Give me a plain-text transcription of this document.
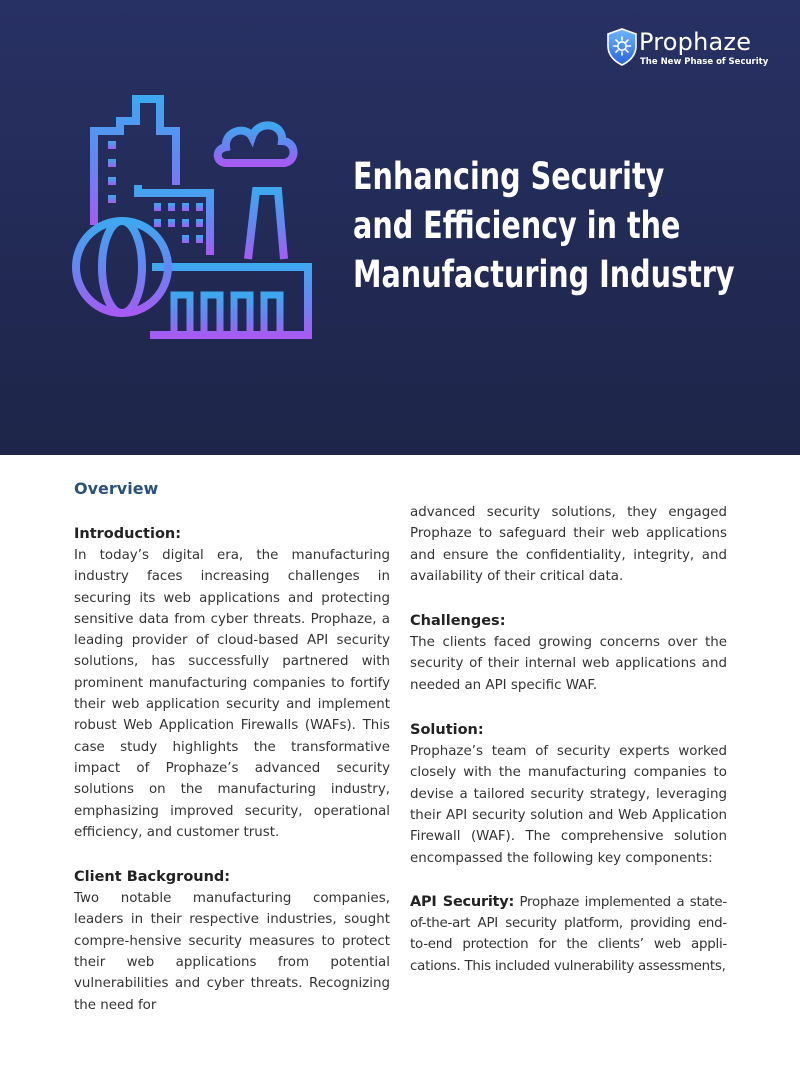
Prophaze
The New Phase of Security
Enhancing Security
and Efficiency in the
Manufacturing Industry
Overview
Introduction:

In today’s digital era, the manufacturing industry faces increasing challenges in securing its web applications and protecting sensitive data from cyber threats. Prophaze, a leading provider of cloud-based API security solutions, has successfully partnered with prominent manufacturing companies to fortify their web application security and implement robust Web Application Firewalls (WAFs). This case study highlights the transformative impact of Prophaze’s advanced security solutions on the manufacturing industry, emphasizing improved security, operational efficiency, and customer trust.

Client Background:

Two notable manufacturing companies, leaders in their respective industries, sought compre-hensive security measures to protect their web applications from potential vulnerabilities and cyber threats. Recognizing the need for

advanced security solutions, they engaged Prophaze to safeguard their web applications and ensure the confidentiality, integrity, and availability of their critical data.

Challenges:

The clients faced growing concerns over the security of their internal web applications and needed an API specific WAF.

Solution:

Prophaze’s team of security experts worked closely with the manufacturing companies to devise a tailored security strategy, leveraging their API security solution and Web Application Firewall (WAF). The comprehensive solution encompassed the following key components:

API Security: Prophaze implemented a state-of-the-art API security platform, providing end-to-end protection for the clients’ web appli-cations. This included vulnerability assessments,
